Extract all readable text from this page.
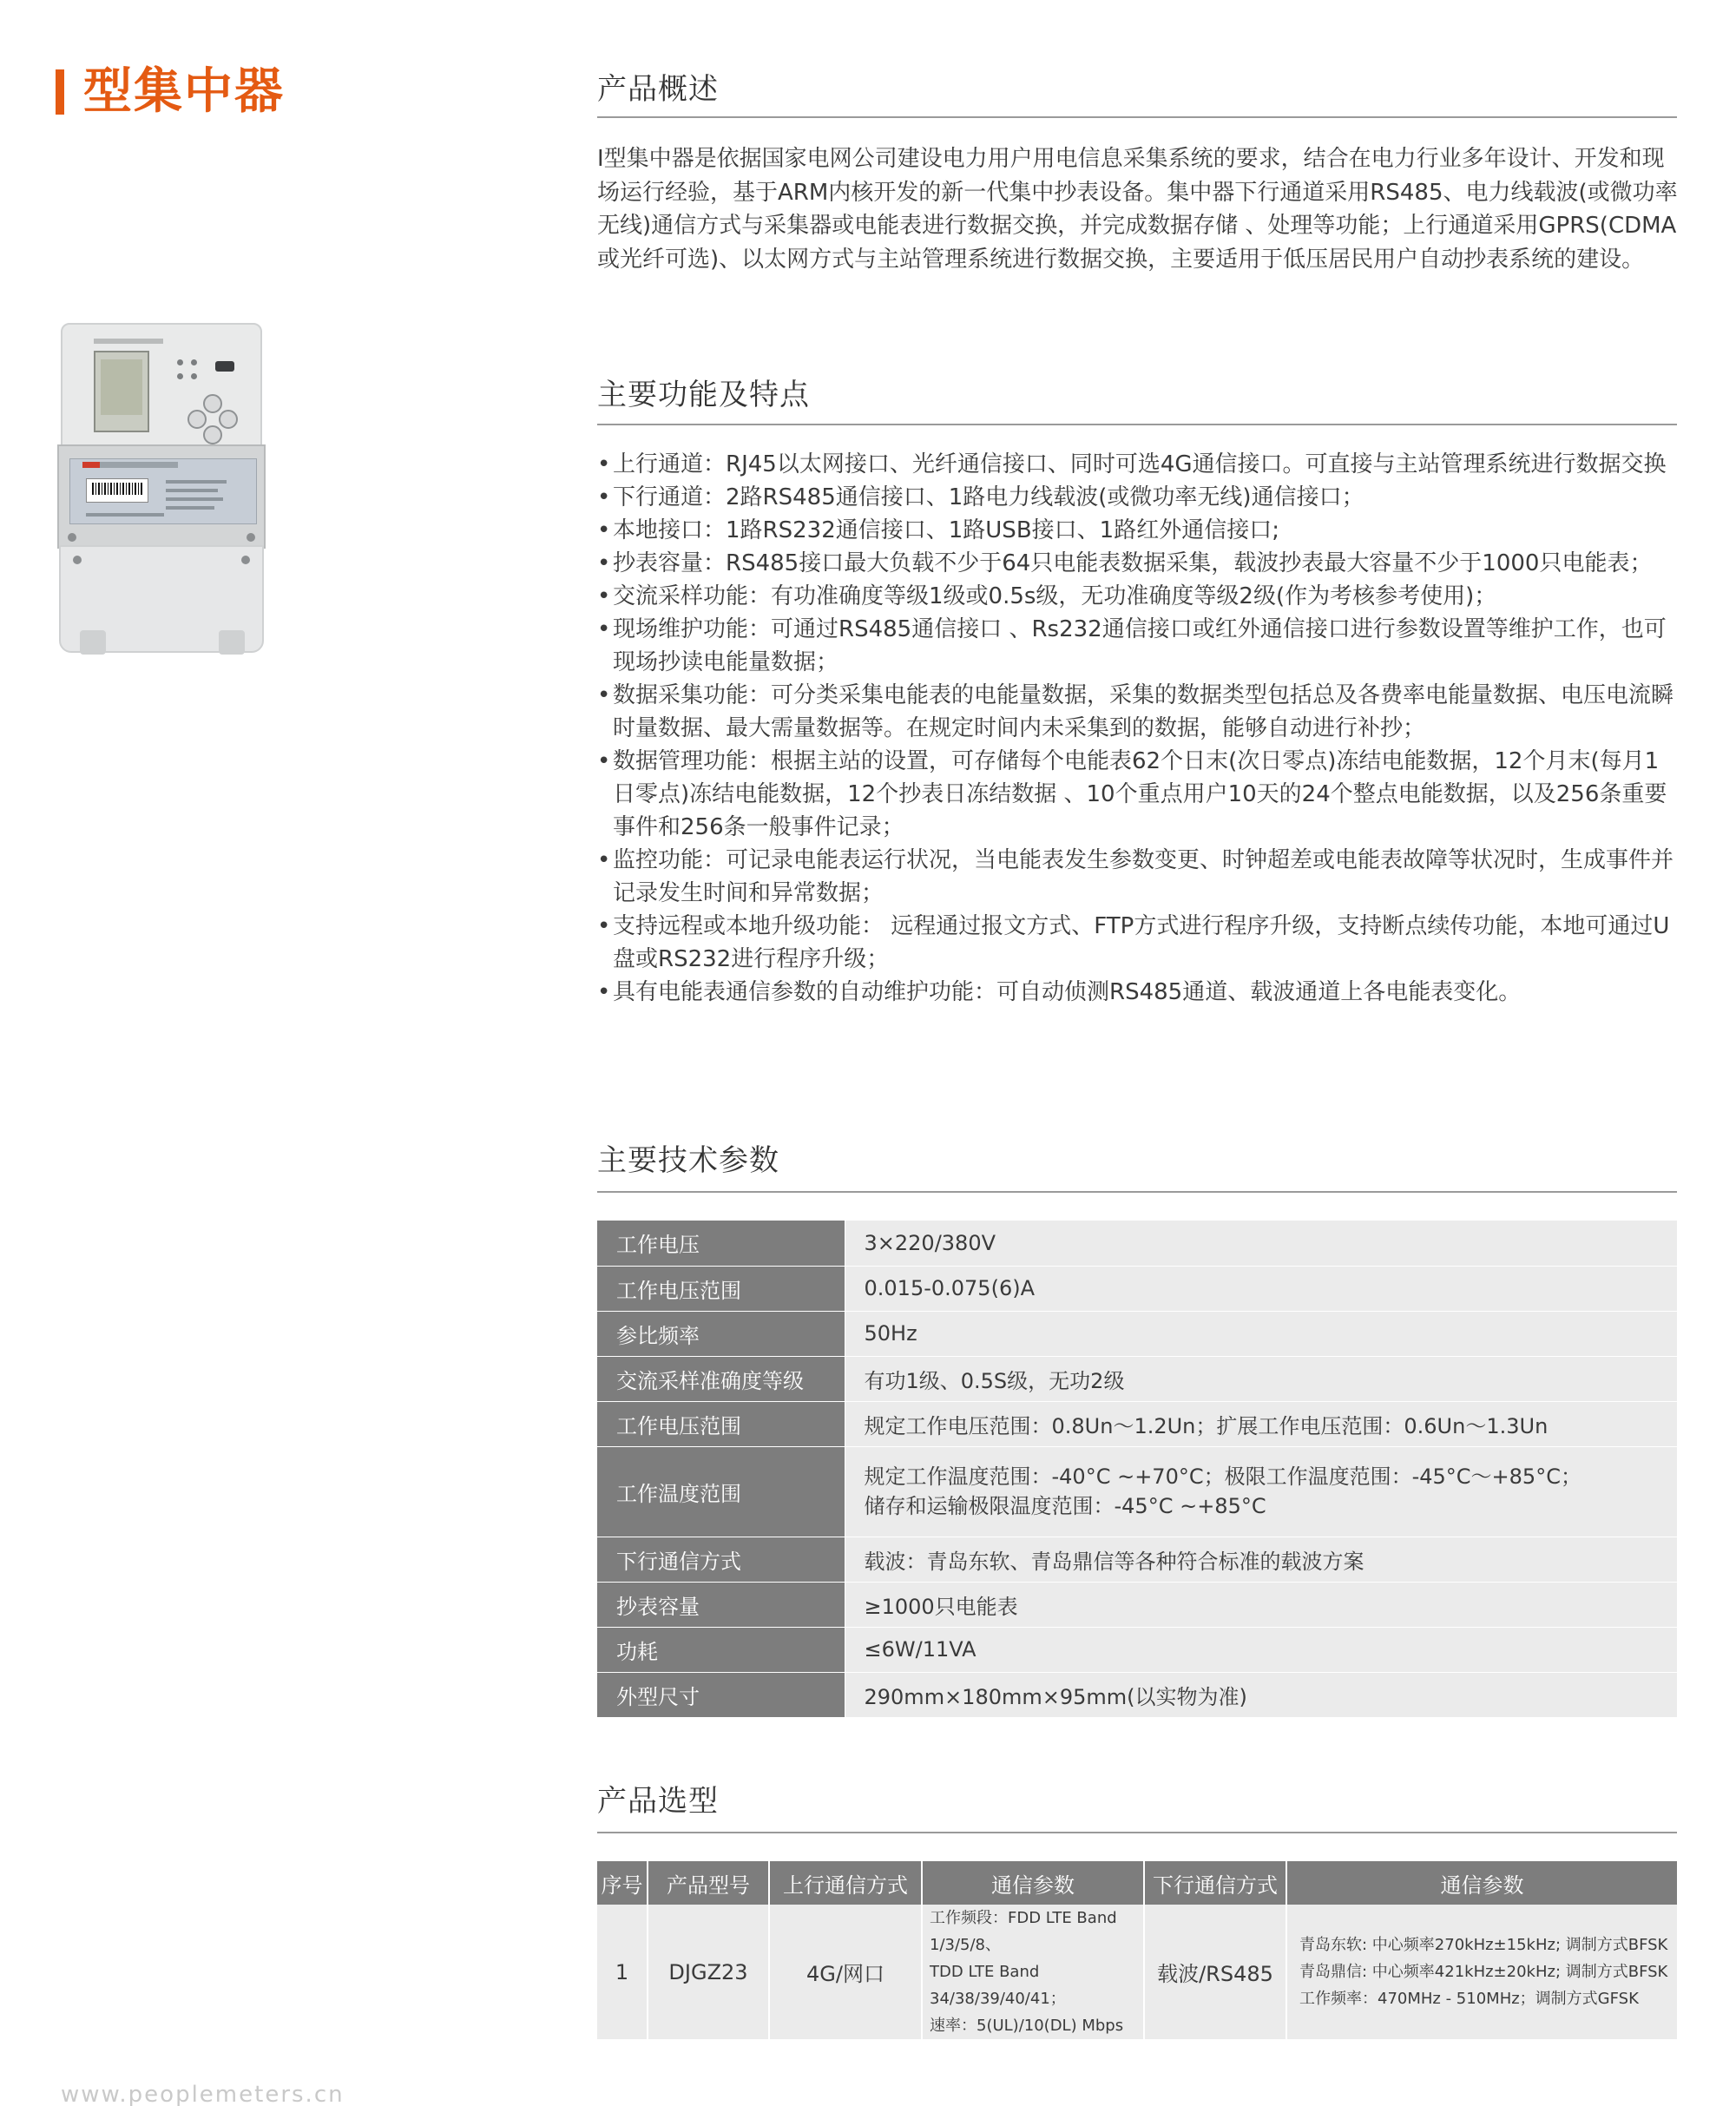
型集中器	产品概述
Ⅰ型集中器是依据国家电网公司建设电力用户用电信息采集系统的要求，结合在电力行业多年设计、开发和现场运行经验，基于ARM内核开发的新一代集中抄表设备。集中器下行通道采用RS485、电力线载波(或微功率无线)通信方式与采集器或电能表进行数据交换，并完成数据存储 、处理等功能；上行通道采用GPRS(CDMA或光纤可选)、以太网方式与主站管理系统进行数据交换，主要适用于低压居民用户自动抄表系统的建设。
主要功能及特点
• 上行通道：RJ45以太网接口、光纤通信接口、同时可选4G通信接口。可直接与主站管理系统进行数据交换
• 下行通道：2路RS485通信接口、1路电力线载波(或微功率无线)通信接口；
• 本地接口：1路RS232通信接口、1路USB接口、1路红外通信接口;
• 抄表容量：RS485接口最大负载不少于64只电能表数据采集，载波抄表最大容量不少于1000只电能表；
• 交流采样功能：有功准确度等级1级或0.5s级，无功准确度等级2级(作为考核参考使用)；
• 现场维护功能：可通过RS485通信接口 、Rs232通信接口或红外通信接口进行参数设置等维护工作，也可现场抄读电能量数据；
• 数据采集功能：可分类采集电能表的电能量数据，采集的数据类型包括总及各费率电能量数据、电压电流瞬时量数据、最大需量数据等。在规定时间内未采集到的数据，能够自动进行补抄；
• 数据管理功能：根据主站的设置，可存储每个电能表62个日末(次日零点)冻结电能数据，12个月末(每月1日零点)冻结电能数据，12个抄表日冻结数据 、10个重点用户10天的24个整点电能数据，以及256条重要事件和256条一般事件记录；
• 监控功能：可记录电能表运行状况，当电能表发生参数变更、时钟超差或电能表故障等状况时，生成事件并记录发生时间和异常数据；
• 支持远程或本地升级功能： 远程通过报文方式、FTP方式进行程序升级，支持断点续传功能，本地可通过U盘或RS232进行程序升级；
• 具有电能表通信参数的自动维护功能：可自动侦测RS485通道、载波通道上各电能表变化。
主要技术参数
工作电压	3×220/380V
工作电压范围	0.015-0.075(6)A
参比频率	50Hz
交流采样准确度等级	有功1级、0.5S级，无功2级
工作电压范围	规定工作电压范围：0.8Un～1.2Un；扩展工作电压范围：0.6Un～1.3Un
工作温度范围	规定工作温度范围：-40°C ~+70°C；极限工作温度范围：-45°C～+85°C；
储存和运输极限温度范围：-45°C ~+85°C

下行通信方式	载波：青岛东软、青岛鼎信等各种符合标准的载波方案
抄表容量	≥1000只电能表
功耗	≤6W/11VA
外型尺寸	290mm×180mm×95mm(以实物为准)
产品选型
序号	产品型号	上行通信方式	通信参数	下行通信方式	通信参数
1	DJGZ23	4G/网口	工作频段：FDD LTE Band 1/3/5/8、
TDD LTE Band 34/38/39/40/41；
速率：5(UL)/10(DL) Mbps	载波/RS485	青岛东软: 中心频率270kHz±15kHz; 调制方式BFSK
青岛鼎信: 中心频率421kHz±20kHz; 调制方式BFSK
工作频率：470MHz - 510MHz；调制方式GFSK
www.peoplemeters.cn
